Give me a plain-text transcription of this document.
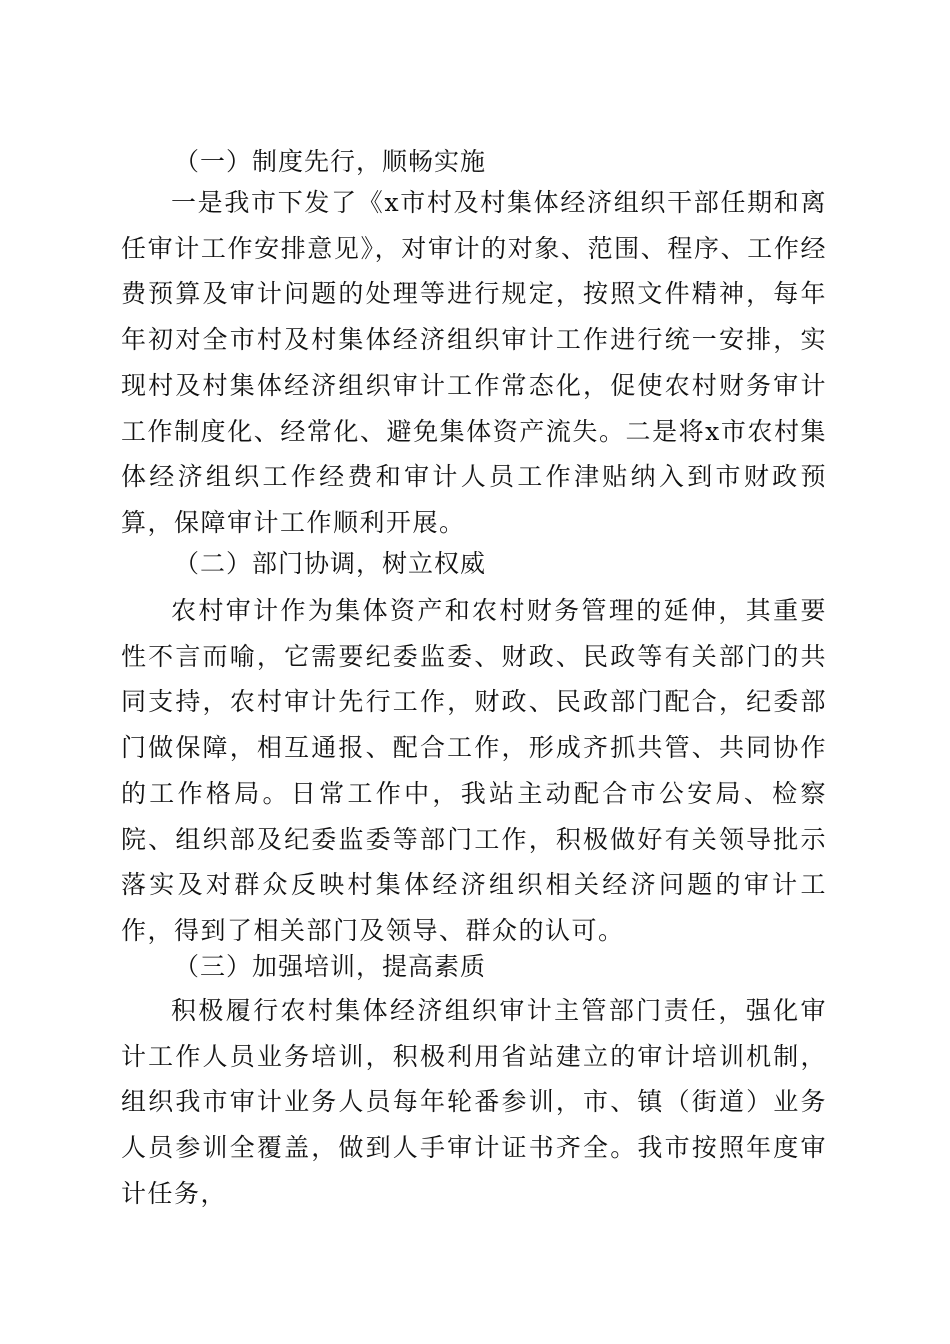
（一）制度先行，顺畅实施

一是我市下发了《x市村及村集体经济组织干部任期和离任审计工作安排意见》，对审计的对象、范围、程序、工作经费预算及审计问题的处理等进行规定，按照文件精神，每年年初对全市村及村集体经济组织审计工作进行统一安排，实现村及村集体经济组织审计工作常态化，促使农村财务审计工作制度化、经常化、避免集体资产流失。二是将x市农村集体经济组织工作经费和审计人员工作津贴纳入到市财政预算，保障审计工作顺利开展。

（二）部门协调，树立权威

农村审计作为集体资产和农村财务管理的延伸，其重要性不言而喻，它需要纪委监委、财政、民政等有关部门的共同支持，农村审计先行工作，财政、民政部门配合，纪委部门做保障，相互通报、配合工作，形成齐抓共管、共同协作的工作格局。日常工作中，我站主动配合市公安局、检察院、组织部及纪委监委等部门工作，积极做好有关领导批示落实及对群众反映村集体经济组织相关经济问题的审计工作，得到了相关部门及领导、群众的认可。

（三）加强培训，提高素质

积极履行农村集体经济组织审计主管部门责任，强化审计工作人员业务培训，积极利用省站建立的审计培训机制，组织我市审计业务人员每年轮番参训，市、镇（街道）业务人员参训全覆盖，做到人手审计证书齐全。我市按照年度审计任务，
